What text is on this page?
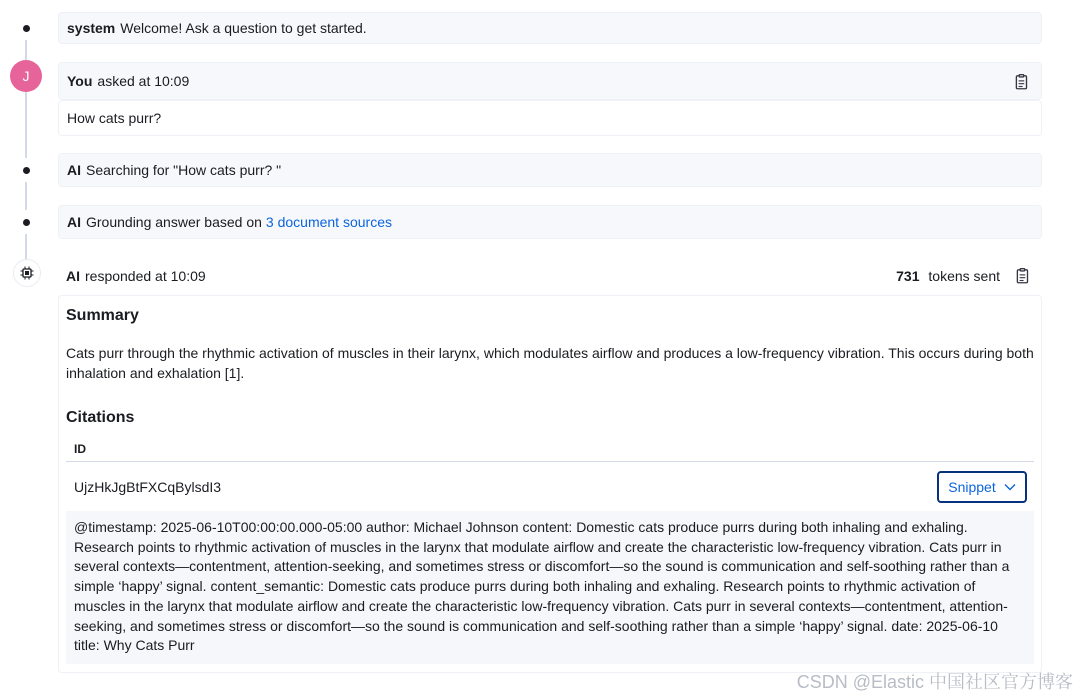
system Welcome! Ask a question to get started.
J	You asked at 10:09
How cats purr?
AI Searching for "How cats purr? "
AI Grounding answer based on 3 document sources
AI responded at 10:09	731 tokens sent
Summary
Cats purr through the rhythmic activation of muscles in their larynx, which modulates airflow and produces a low-frequency vibration. This occurs during both inhalation and exhalation [1].
Citations
ID
UjzHkJgBtFXCqBylsdI3	Snippet
@timestamp: 2025-06-10T00:00:00.000-05:00 author: Michael Johnson content: Domestic cats produce purrs during both inhaling and exhaling. Research points to rhythmic activation of muscles in the larynx that modulate airflow and create the characteristic low-frequency vibration. Cats purr in several contexts—contentment, attention-seeking, and sometimes stress or discomfort—so the sound is communication and self-soothing rather than a simple ‘happy’ signal. content_semantic: Domestic cats produce purrs during both inhaling and exhaling. Research points to rhythmic activation of muscles in the larynx that modulate airflow and create the characteristic low-frequency vibration. Cats purr in several contexts—contentment, attention-seeking, and sometimes stress or discomfort—so the sound is communication and self-soothing rather than a simple ‘happy’ signal. date: 2025-06-10 title: Why Cats Purr
CSDN @Elastic 中国社区官方博客
